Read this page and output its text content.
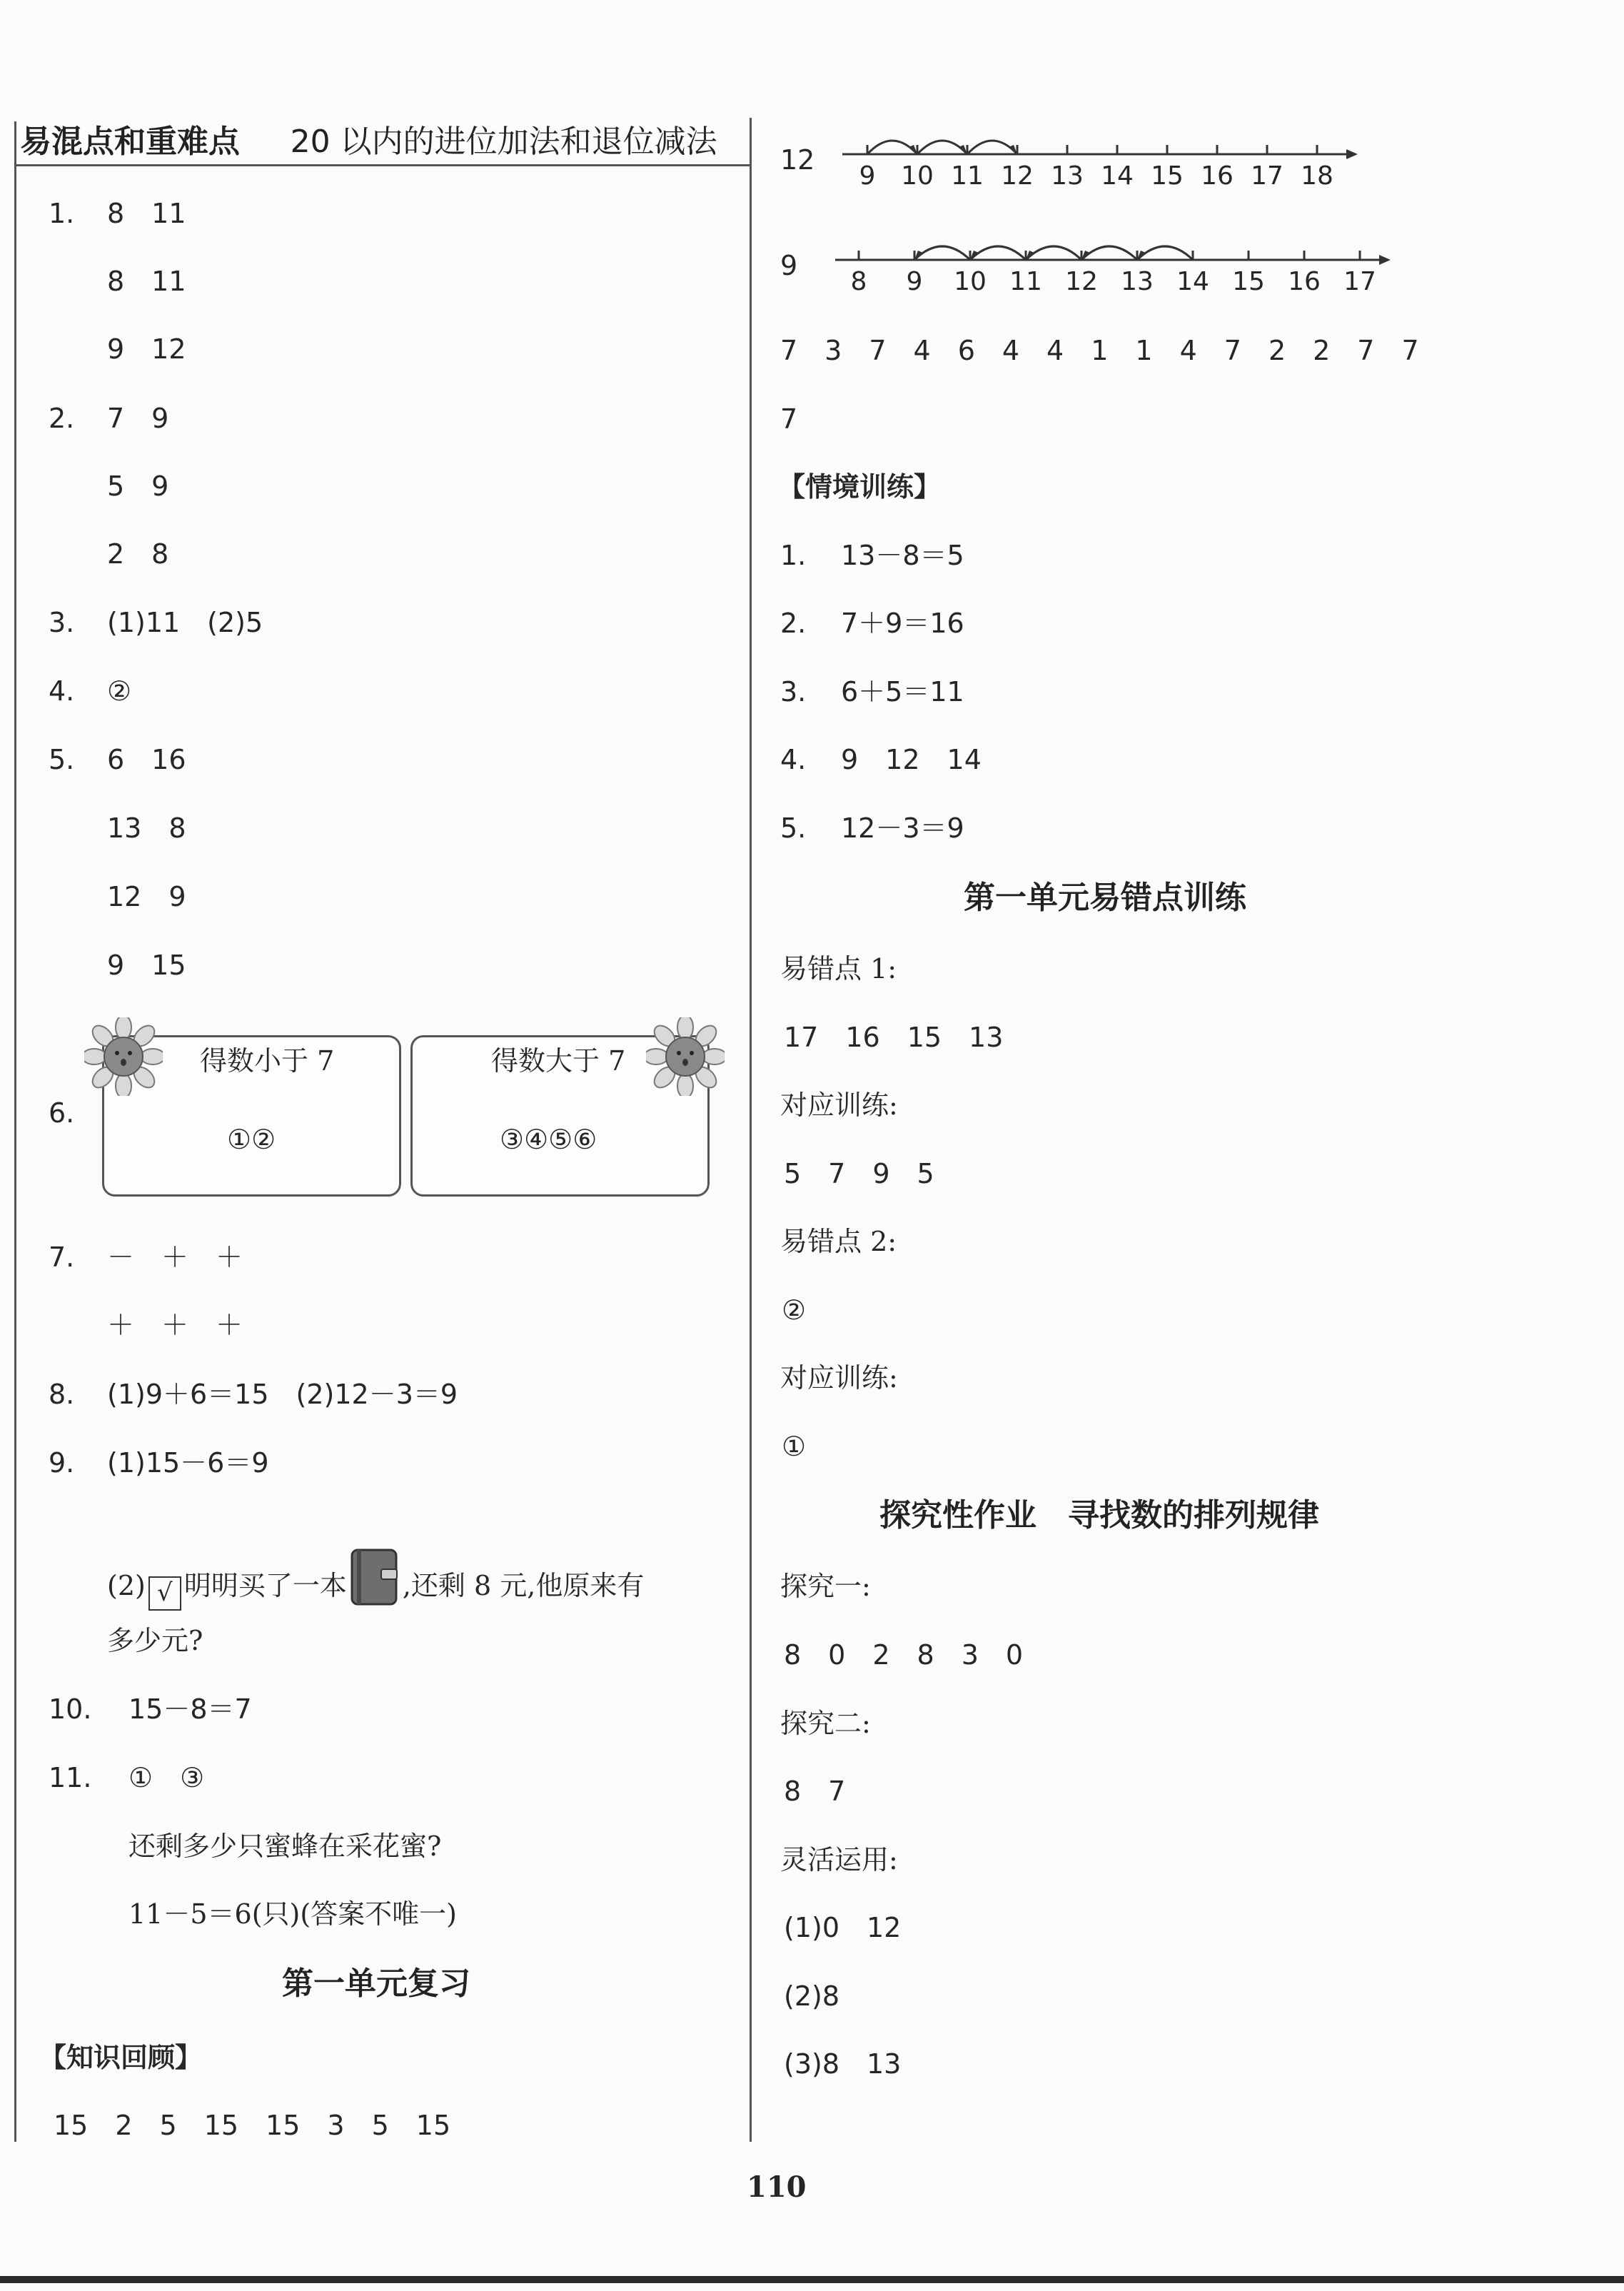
易混点和重难点 20 以内的进位加法和退位减法
1. 8　11
8　11
9　12
2. 7　9
5　9
2　8
3. (1)11　(2)5
4. ②
5. 6　16
13　8
12　9
9　15
6.
得数小于 7
①②
得数大于 7
③④⑤⑥
7. －　＋　＋
＋　＋　＋
8. (1)9＋6＝15　(2)12－3＝9
9. (1)15－6＝9
(2) √ 明明买了一本 ,还剩 8 元,他原来有
多少元?
10. 15－8＝7
11. ①　③
还剩多少只蜜蜂在采花蜜?
11－5＝6(只)(答案不唯一)
第一单元复习
【知识回顾】
15　2　5　15　15　3　5　15
12
9 10 11 12 13 14 15 16 17 18
9
8 9 10 11 12 13 14 15 16 17
7　3　7　4　6　4　4　1　1　4　7　2　2　7　7
7
【情境训练】
1. 13－8＝5
2. 7＋9＝16
3. 6＋5＝11
4. 9　12　14
5. 12－3＝9
第一单元易错点训练
易错点 1:
17　16　15　13
对应训练:
5　7　9　5
易错点 2:
②
对应训练:
①
探究性作业　寻找数的排列规律
探究一:
8　0　2　8　3　0
探究二:
8　7
灵活运用:
(1)0　12
(2)8
(3)8　13
110
